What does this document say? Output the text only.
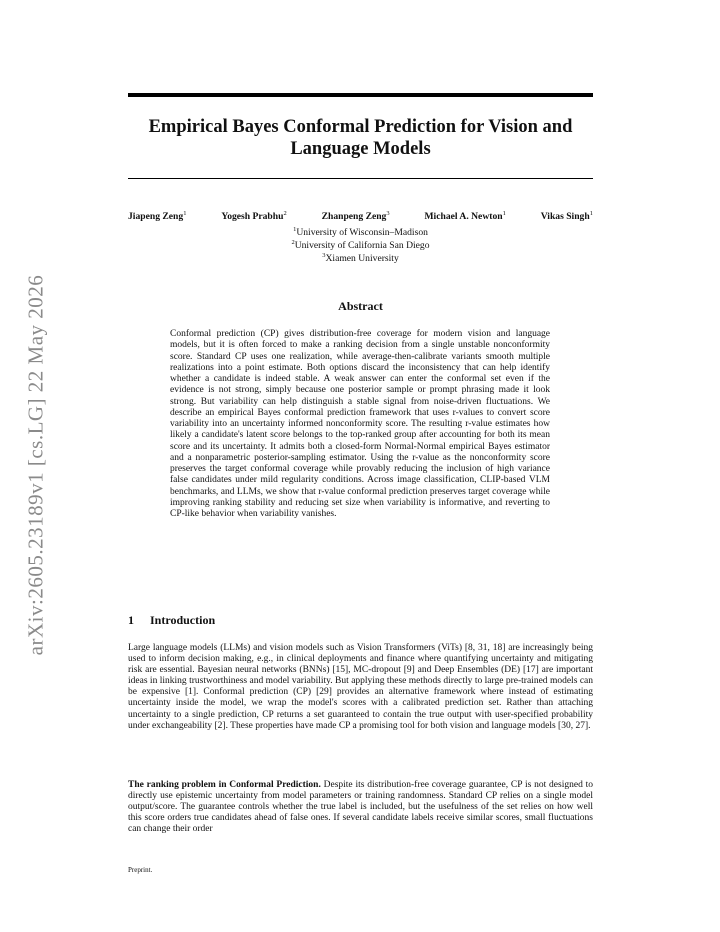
arXiv:2605.23189v1 [cs.LG] 22 May 2026
Empirical Bayes Conformal Prediction for Vision and
Language Models
Jiapeng Zeng$^1$	Yogesh Prabhu$^2$	Zhanpeng Zeng$^3$	Michael A. Newton$^1$	Vikas Singh$^1$
$^1$University of Wisconsin–Madison
$^2$University of California San Diego
$^3$Xiamen University
Abstract

Conformal prediction (CP) gives distribution-free coverage for modern vision and language models, but it is often forced to make a ranking decision from a single unstable nonconformity score. Standard CP uses one realization, while average-then-calibrate variants smooth multiple realizations into a point estimate. Both options discard the inconsistency that can help identify whether a candidate is indeed stable. A weak answer can enter the conformal set even if the evidence is not strong, simply because one posterior sample or prompt phrasing made it look strong. But variability can help distinguish a stable signal from noise-driven fluctuations. We describe an empirical Bayes conformal prediction framework that uses r-values to convert score variability into an uncertainty informed nonconformity score. The resulting r-value estimates how likely a candidate's latent score belongs to the top-ranked group after accounting for both its mean score and its uncertainty. It admits both a closed-form Normal-Normal empirical Bayes estimator and a nonparametric posterior-sampling estimator. Using the r-value as the nonconformity score preserves the target conformal coverage while provably reducing the inclusion of high variance false candidates under mild regularity conditions. Across image classification, CLIP-based VLM benchmarks, and LLMs, we show that r-value conformal prediction preserves target coverage while improving ranking stability and reducing set size when variability is informative, and reverting to CP-like behavior when variability vanishes.

1 Introduction

Large language models (LLMs) and vision models such as Vision Transformers (ViTs) [8, 31, 18] are increasingly being used to inform decision making, e.g., in clinical deployments and finance where quantifying uncertainty and mitigating risk are essential. Bayesian neural networks (BNNs) [15], MC-dropout [9] and Deep Ensembles (DE) [17] are important ideas in linking trustworthiness and model variability. But applying these methods directly to large pre-trained models can be expensive [1]. Conformal prediction (CP) [29] provides an alternative framework where instead of estimating uncertainty inside the model, we wrap the model's scores with a calibrated prediction set. Rather than attaching uncertainty to a single prediction, CP returns a set guaranteed to contain the true output with user-specified probability under exchangeability [2]. These properties have made CP a promising tool for both vision and language models [30, 27].

The ranking problem in Conformal Prediction. Despite its distribution-free coverage guarantee, CP is not designed to directly use epistemic uncertainty from model parameters or training randomness. Standard CP relies on a single model output/score. The guarantee controls whether the true label is included, but the usefulness of the set relies on how well this score orders true candidates ahead of false ones. If several candidate labels receive similar scores, small fluctuations can change their order

Preprint.
